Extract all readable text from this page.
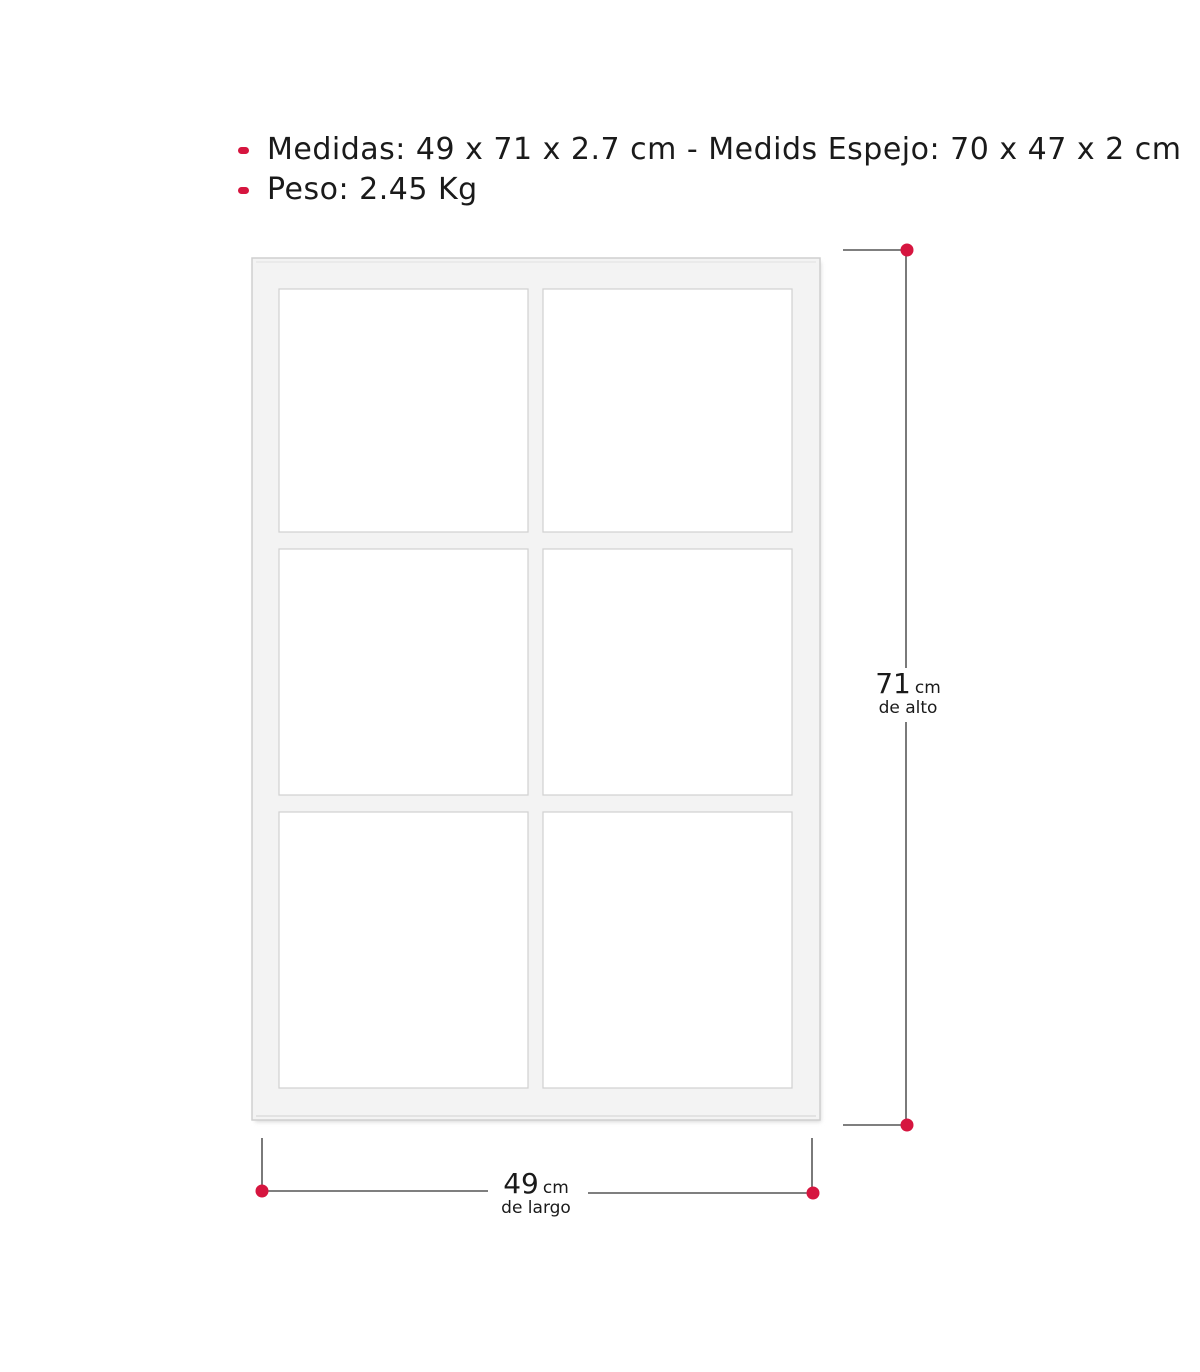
Medidas: 49 x 71 x 2.7 cm - Medids Espejo: 70 x 47 x 2 cm
Peso: 2.45 Kg
71 cm
de alto
49 cm
de largo
